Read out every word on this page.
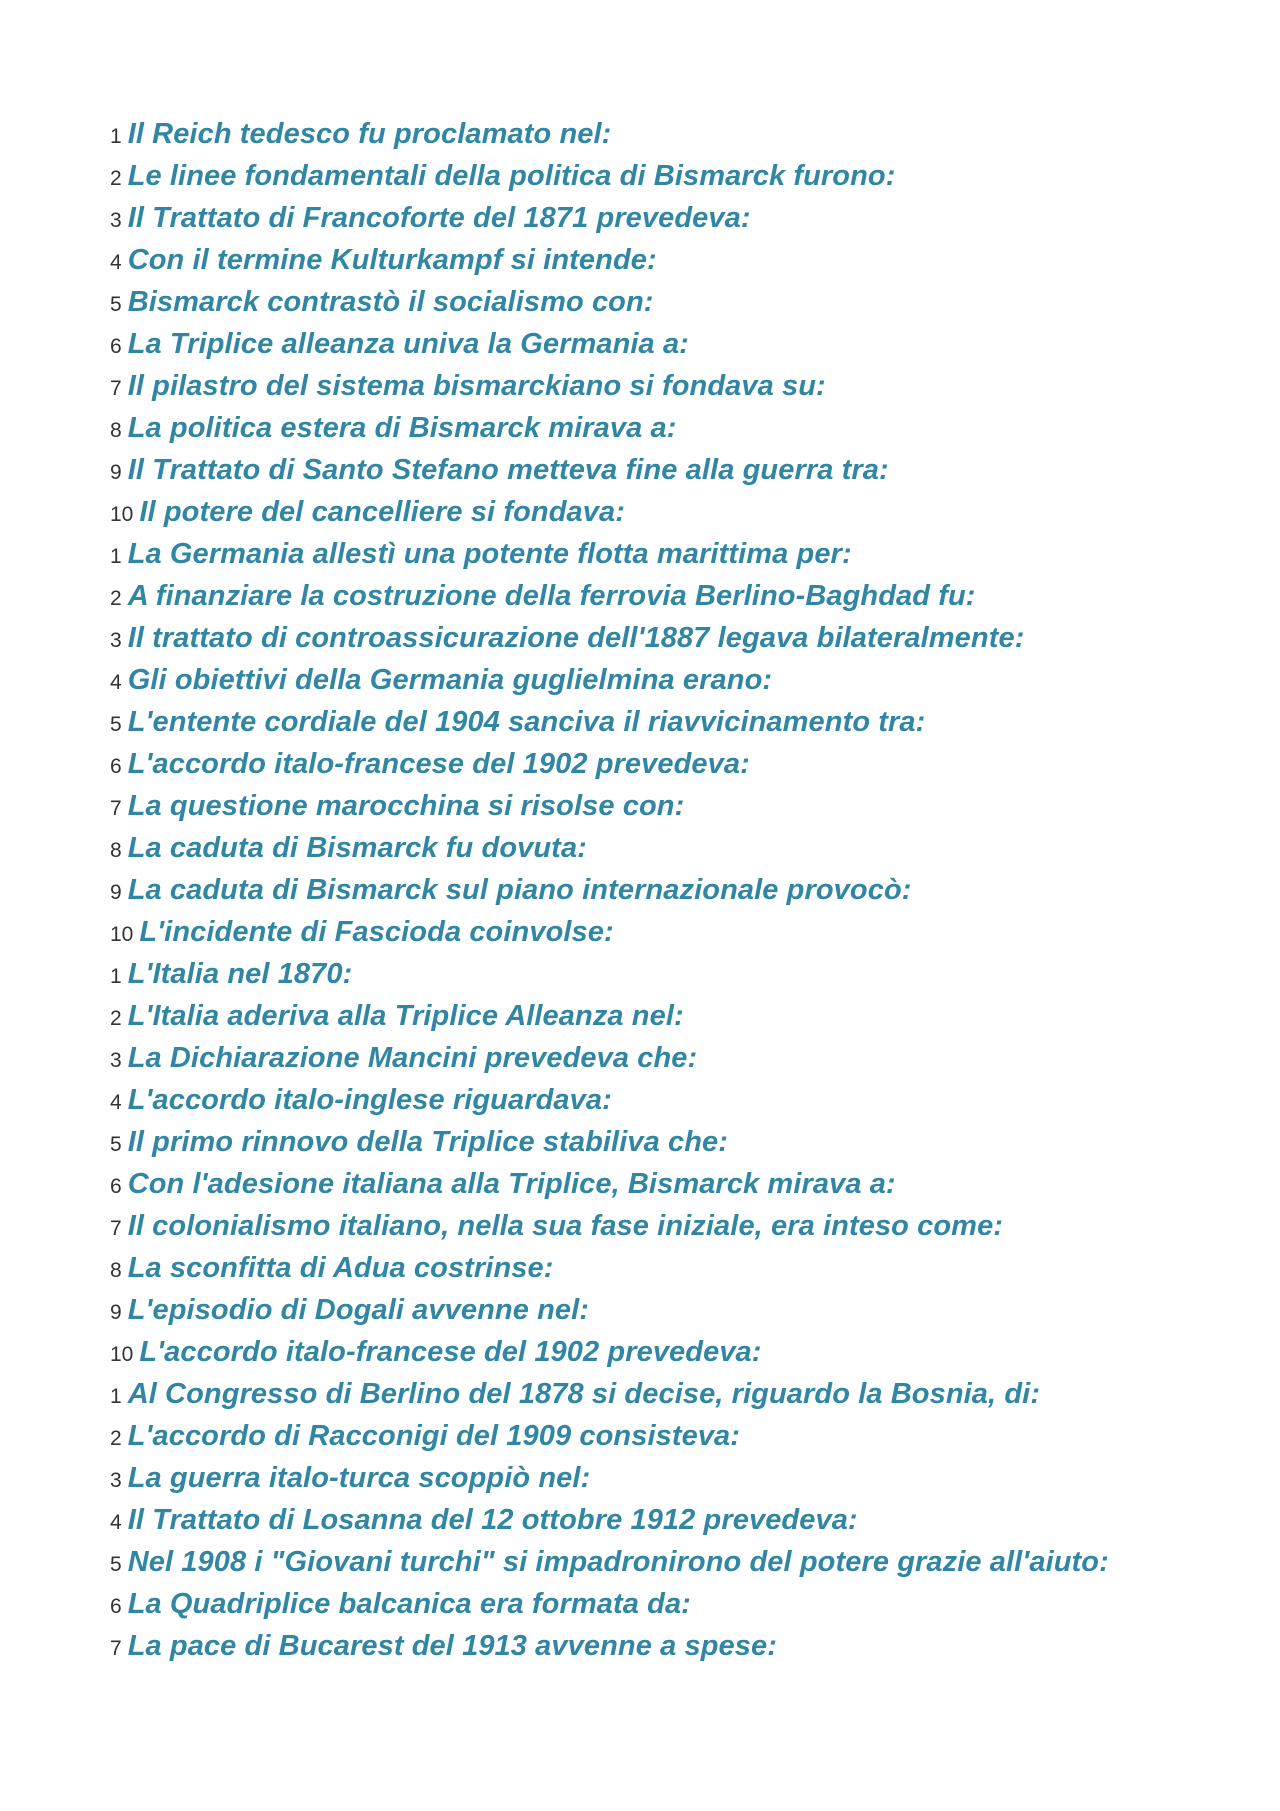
1 Il Reich tedesco fu proclamato nel:
2 Le linee fondamentali della politica di Bismarck furono:
3 Il Trattato di Francoforte del 1871 prevedeva:
4 Con il termine Kulturkampf si intende:
5 Bismarck contrastò il socialismo con:
6 La Triplice alleanza univa la Germania a:
7 Il pilastro del sistema bismarckiano si fondava su:
8 La politica estera di Bismarck mirava a:
9 Il Trattato di Santo Stefano metteva fine alla guerra tra:
10 Il potere del cancelliere si fondava:
1 La Germania allestì una potente flotta marittima per:
2 A finanziare la costruzione della ferrovia Berlino-Baghdad fu:
3 Il trattato di controassicurazione dell'1887 legava bilateralmente:
4 Gli obiettivi della Germania guglielmina erano:
5 L'entente cordiale del 1904 sanciva il riavvicinamento tra:
6 L'accordo italo-francese del 1902 prevedeva:
7 La questione marocchina si risolse con:
8 La caduta di Bismarck fu dovuta:
9 La caduta di Bismarck sul piano internazionale provocò:
10 L'incidente di Fascioda coinvolse:
1 L'Italia nel 1870:
2 L'Italia aderiva alla Triplice Alleanza nel:
3 La Dichiarazione Mancini prevedeva che:
4 L'accordo italo-inglese riguardava:
5 Il primo rinnovo della Triplice stabiliva che:
6 Con l'adesione italiana alla Triplice, Bismarck mirava a:
7 Il colonialismo italiano, nella sua fase iniziale, era inteso come:
8 La sconfitta di Adua costrinse:
9 L'episodio di Dogali avvenne nel:
10 L'accordo italo-francese del 1902 prevedeva:
1 Al Congresso di Berlino del 1878 si decise, riguardo la Bosnia, di:
2 L'accordo di Racconigi del 1909 consisteva:
3 La guerra italo-turca scoppiò nel:
4 Il Trattato di Losanna del 12 ottobre 1912 prevedeva:
5 Nel 1908 i "Giovani turchi" si impadronirono del potere grazie all'aiuto:
6 La Quadriplice balcanica era formata da:
7 La pace di Bucarest del 1913 avvenne a spese:
